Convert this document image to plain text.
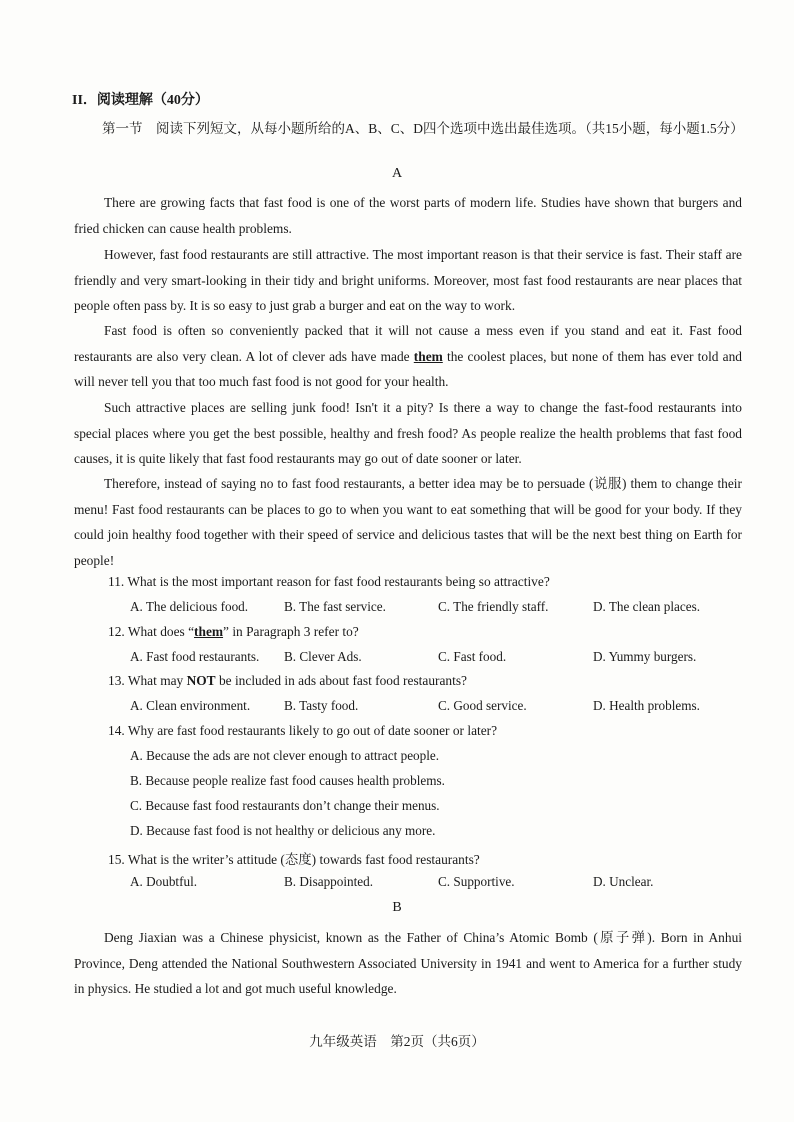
II．阅读理解（40分）
第一节　阅读下列短文，从每小题所给的A、B、C、D四个选项中选出最佳选项。（共15小题，每小题1.5分）
A
There are growing facts that fast food is one of the worst parts of modern life. Studies have shown that burgers and fried chicken can cause health problems.
However, fast food restaurants are still attractive. The most important reason is that their service is fast. Their staff are friendly and very smart-looking in their tidy and bright uniforms. Moreover, most fast food restaurants are near places that people often pass by. It is so easy to just grab a burger and eat on the way to work.
Fast food is often so conveniently packed that it will not cause a mess even if you stand and eat it. Fast food restaurants are also very clean. A lot of clever ads have made them the coolest places, but none of them has ever told and will never tell you that too much fast food is not good for your health.
Such attractive places are selling junk food! Isn't it a pity? Is there a way to change the fast-food restaurants into special places where you get the best possible, healthy and fresh food? As people realize the health problems that fast food causes, it is quite likely that fast food restaurants may go out of date sooner or later.
Therefore, instead of saying no to fast food restaurants, a better idea may be to persuade (说服) them to change their menu! Fast food restaurants can be places to go to when you want to eat something that will be good for your body. If they could join healthy food together with their speed of service and delicious tastes that will be the next best thing on Earth for people!
11. What is the most important reason for fast food restaurants being so attractive?
A. The delicious food.	B. The fast service.	C. The friendly staff.	D. The clean places.
12. What does “them” in Paragraph 3 refer to?
A. Fast food restaurants. B. Clever Ads.	C. Fast food.	D. Yummy burgers.
13. What may NOT be included in ads about fast food restaurants?
A. Clean environment.	B. Tasty food.	C. Good service.	D. Health problems.
14. Why are fast food restaurants likely to go out of date sooner or later?
A. Because the ads are not clever enough to attract people.
B. Because people realize fast food causes health problems.
C. Because fast food restaurants don’t change their menus.
D. Because fast food is not healthy or delicious any more.
15. What is the writer’s attitude (态度) towards fast food restaurants?
A. Doubtful.	B. Disappointed.	C. Supportive.	D. Unclear.
B
Deng Jiaxian was a Chinese physicist, known as the Father of China’s Atomic Bomb (原子弹). Born in Anhui Province, Deng attended the National Southwestern Associated University in 1941 and went to America for a further study in physics. He studied a lot and got much useful knowledge.
九年级英语　第2页（共6页）
